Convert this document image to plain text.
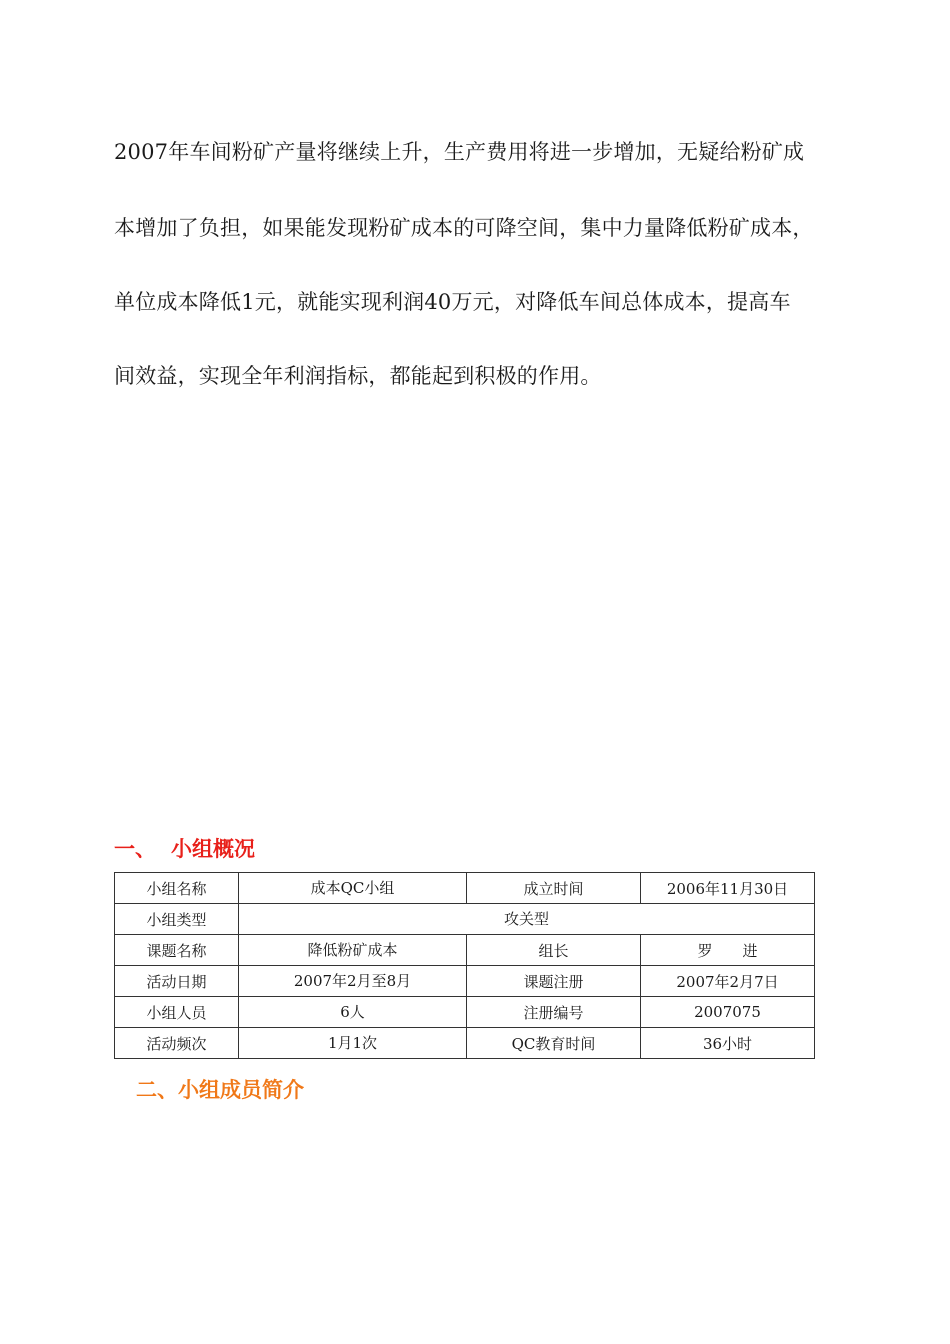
2007年车间粉矿产量将继续上升，生产费用将进一步增加，无疑给粉矿成
本增加了负担，如果能发现粉矿成本的可降空间，集中力量降低粉矿成本，
单位成本降低1元，就能实现利润40万元，对降低车间总体成本，提高车
间效益，实现全年利润指标，都能起到积极的作用。
一、 小组概况
小组名称	成本QC小组	成立时间	2006年11月30日
小组类型	攻关型		
课题名称	降低粉矿成本	组长	罗　　进
活动日期	2007年2月至8月	课题注册	2007年2月7日
小组人员	6人	注册编号	2007075
活动频次	1月1次	QC教育时间	36小时
二、小组成员简介
